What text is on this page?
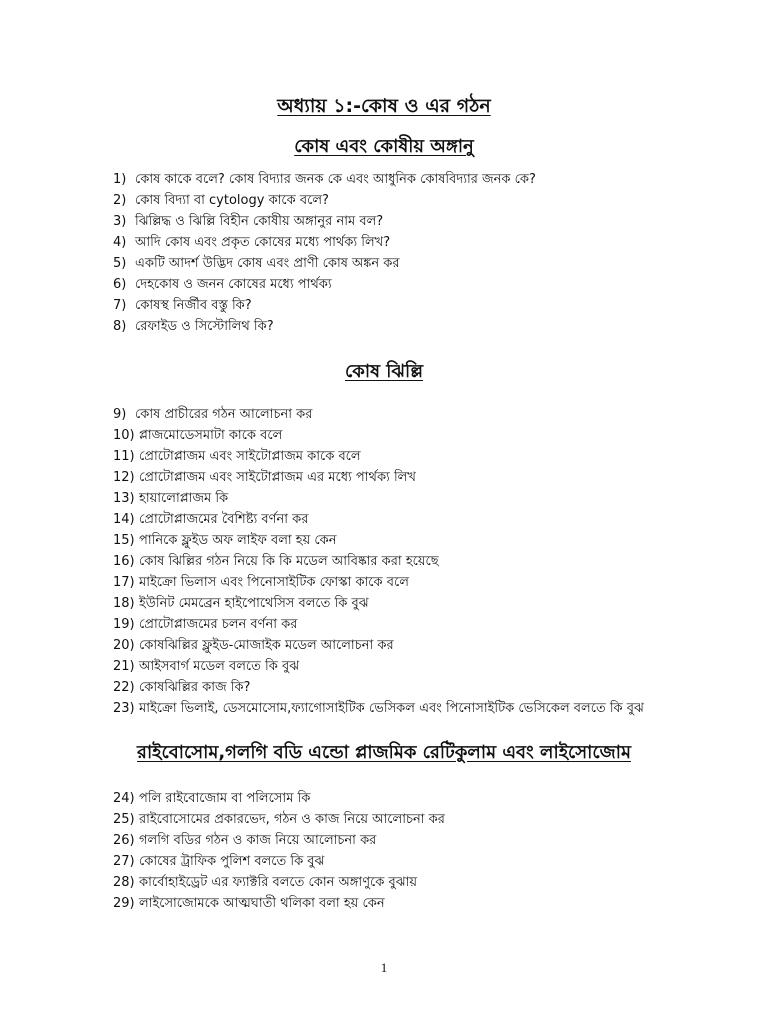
অধ্যায় ১:-কোষ ও এর গঠন
কোষ এবং কোষীয় অঙ্গানু
1) কোষ কাকে বলে? কোষ বিদ্যার জনক কে এবং আধুনিক কোষবিদ্যার জনক কে?
2) কোষ বিদ্যা বা cytology কাকে বলে?
3) ঝিল্লিদ্ধ ও ঝিল্লি বিহীন কোষীয় অঙ্গানুর নাম বল?
4) আদি কোষ এবং প্রকৃত কোষের মধ্যে পার্থক্য লিখ?
5) একটি আদর্শ উদ্ভিদ কোষ এবং প্রাণী কোষ অঙ্কন কর
6) দেহকোষ ও জনন কোষের মধ্যে পার্থক্য
7) কোষস্থ নির্জীব বস্তু কি?
8) রেফাইড ও সিস্টোলিথ কি?
কোষ ঝিল্লি
9) কোষ প্রাচীরের গঠন আলোচনা কর
10) প্লাজমোডেসমাটা কাকে বলে
11) প্রোটোপ্লাজম এবং সাইটোপ্লাজম কাকে বলে
12) প্রোটোপ্লাজম এবং সাইটোপ্লাজম এর মধ্যে পার্থক্য লিখ
13) হায়ালোপ্লাজম কি
14) প্রোটোপ্লাজমের বৈশিষ্ট্য বর্ণনা কর
15) পানিকে ফ্লুইড অফ লাইফ বলা হয় কেন
16) কোষ ঝিল্লির গঠন নিয়ে কি কি মডেল আবিষ্কার করা হয়েছে
17) মাইক্রো ভিলাস এবং পিনোসাইটিক ফোস্কা কাকে বলে
18) ইউনিট মেমব্রেন হাইপোথেসিস বলতে কি বুঝ
19) প্রোটোপ্লাজমের চলন বর্ণনা কর
20) কোষঝিল্লির ফ্লুইড-মোজাইক মডেল আলোচনা কর
21) আইসবার্গ মডেল বলতে কি বুঝ
22) কোষঝিল্লির কাজ কি?
23) মাইক্রো ভিলাই, ডেসমোসোম,ফ্যাগোসাইটিক ভেসিকল এবং পিনোসাইটিক ভেসিকেল বলতে কি বুঝ
রাইবোসোম,গলগি বডি এন্ডো প্লাজমিক রেটিকুলাম এবং লাইসোজোম
24) পলি রাইবোজোম বা পলিসোম কি
25) রাইবোসোমের প্রকারভেদ, গঠন ও কাজ নিয়ে আলোচনা কর
26) গলগি বডির গঠন ও কাজ নিয়ে আলোচনা কর
27) কোষের ট্রাফিক পুলিশ বলতে কি বুঝ
28) কার্বোহাইড্রেট এর ফ্যাক্টরি বলতে কোন অঙ্গাণুকে বুঝায়
29) লাইসোজোমকে আত্মঘাতী থলিকা বলা হয় কেন
1
